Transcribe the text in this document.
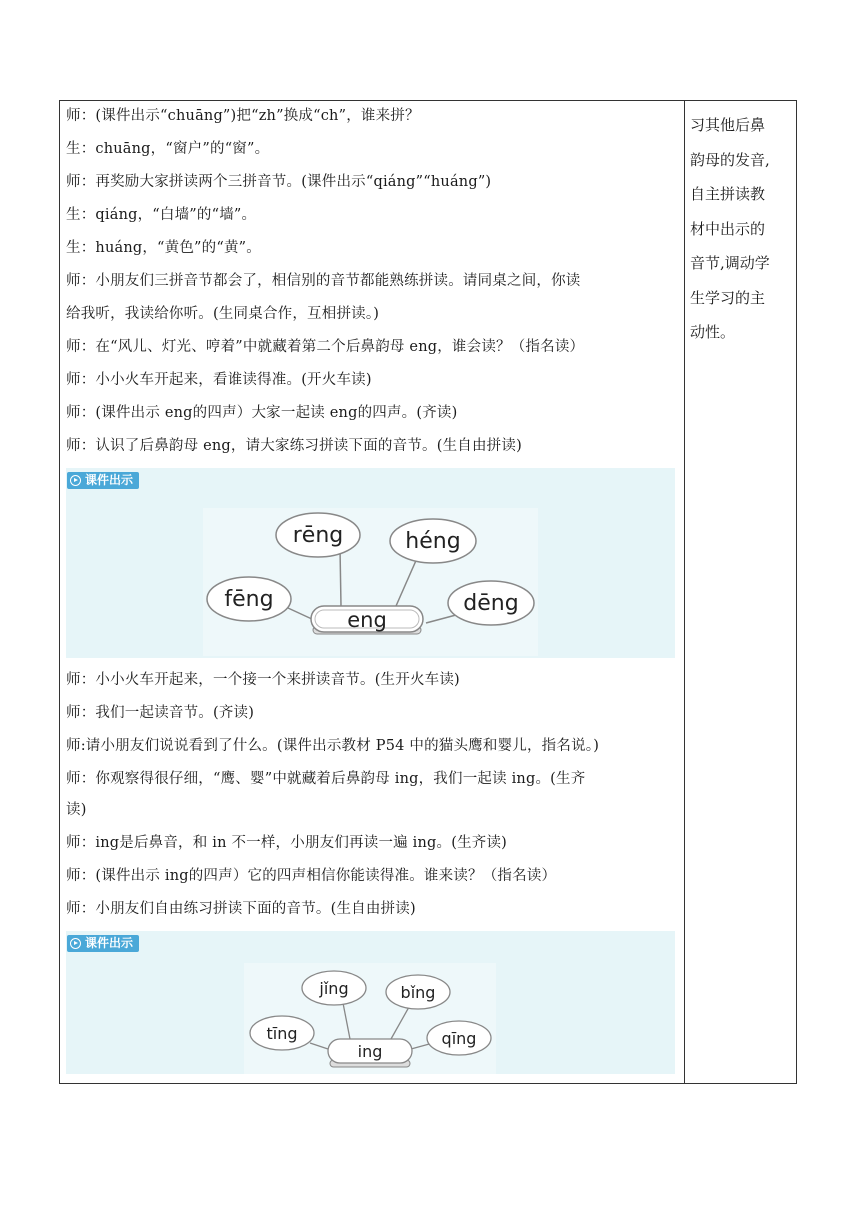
师：(课件出示“chuāng”)把“zh”换成“ch”，谁来拼？
生：chuāng，“窗户”的“窗”。
师：再奖励大家拼读两个三拼音节。(课件出示“qiáng”“huáng”)
生：qiáng，“白墙”的“墙”。
生：huáng，“黄色”的“黄”。
师：小朋友们三拼音节都会了，相信别的音节都能熟练拼读。请同桌之间，你读
给我听，我读给你听。(生同桌合作，互相拼读。)
师：在“风儿、灯光、哼着”中就藏着第二个后鼻韵母 eng，谁会读？（指名读）
师：小小火车开起来，看谁读得准。(开火车读)
师：(课件出示 eng的四声）大家一起读 eng的四声。(齐读)
师：认识了后鼻韵母 eng，请大家练习拼读下面的音节。(生自由拼读)
课件出示
rēng	héng
fēng	dēng
eng
师：小小火车开起来，一个接一个来拼读音节。(生开火车读)
师：我们一起读音节。(齐读)
师:请小朋友们说说看到了什么。(课件出示教材 P54 中的猫头鹰和婴儿，指名说。)
师：你观察得很仔细，“鹰、婴”中就藏着后鼻韵母 ing，我们一起读 ing。(生齐
读)
师：ing是后鼻音，和 in 不一样，小朋友们再读一遍 ing。(生齐读)
师：(课件出示 ing的四声）它的四声相信你能读得准。谁来读？（指名读）
师：小朋友们自由练习拼读下面的音节。(生自由拼读)
课件出示
jǐng	bǐng
tīng	qīng
ing
习其他后鼻
韵母的发音,
自主拼读教
材中出示的
音节,调动学
生学习的主
动性。
